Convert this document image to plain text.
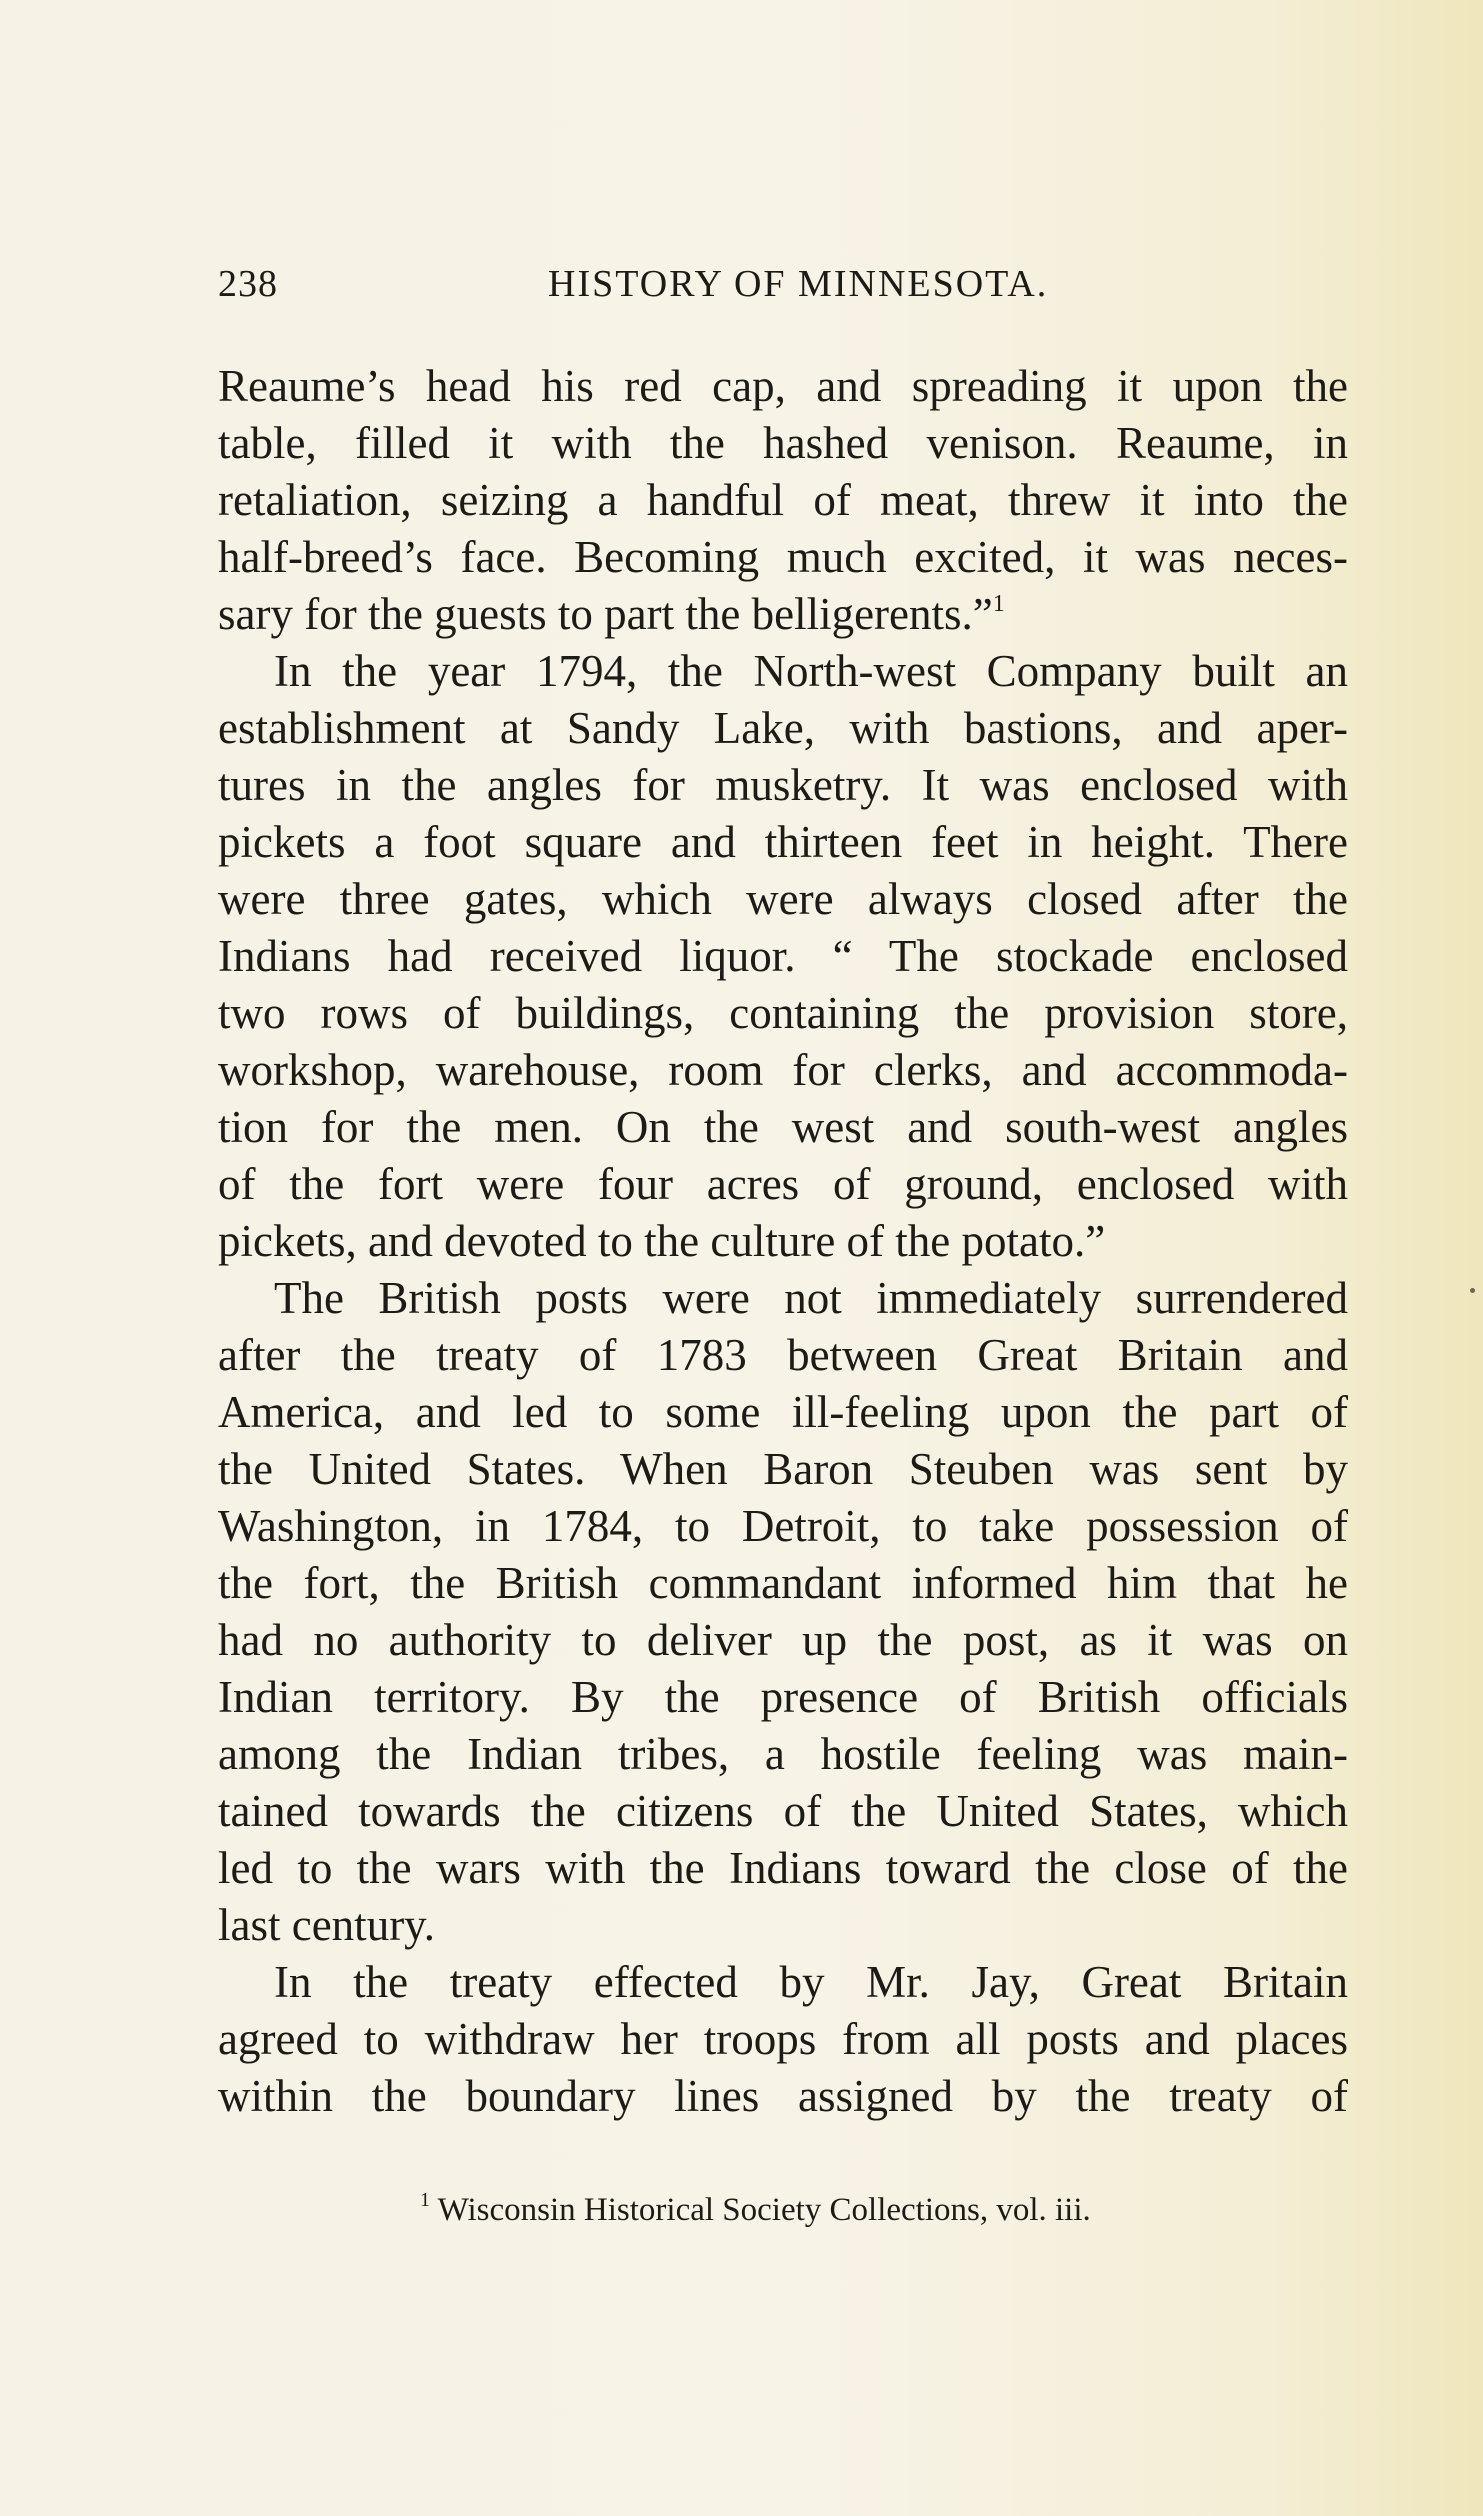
238	HISTORY OF MINNESOTA.
Reaume’s head his red cap, and spreading it upon the
table, filled it with the hashed venison. Reaume, in
retaliation, seizing a handful of meat, threw it into the
half-breed’s face. Becoming much excited, it was neces-
sary for the guests to part the belligerents.”$^1$
In the year 1794, the North-west Company built an
establishment at Sandy Lake, with bastions, and aper-
tures in the angles for musketry. It was enclosed with
pickets a foot square and thirteen feet in height. There
were three gates, which were always closed after the
Indians had received liquor. “ The stockade enclosed
two rows of buildings, containing the provision store,
workshop, warehouse, room for clerks, and accommoda-
tion for the men. On the west and south-west angles
of the fort were four acres of ground, enclosed with
pickets, and devoted to the culture of the potato.”
The British posts were not immediately surrendered
after the treaty of 1783 between Great Britain and
America, and led to some ill-feeling upon the part of
the United States. When Baron Steuben was sent by
Washington, in 1784, to Detroit, to take possession of
the fort, the British commandant informed him that he
had no authority to deliver up the post, as it was on
Indian territory. By the presence of British officials
among the Indian tribes, a hostile feeling was main-
tained towards the citizens of the United States, which
led to the wars with the Indians toward the close of the
last century.
In the treaty effected by Mr. Jay, Great Britain
agreed to withdraw her troops from all posts and places
within the boundary lines assigned by the treaty of
$^1$ Wisconsin Historical Society Collections, vol. iii.
